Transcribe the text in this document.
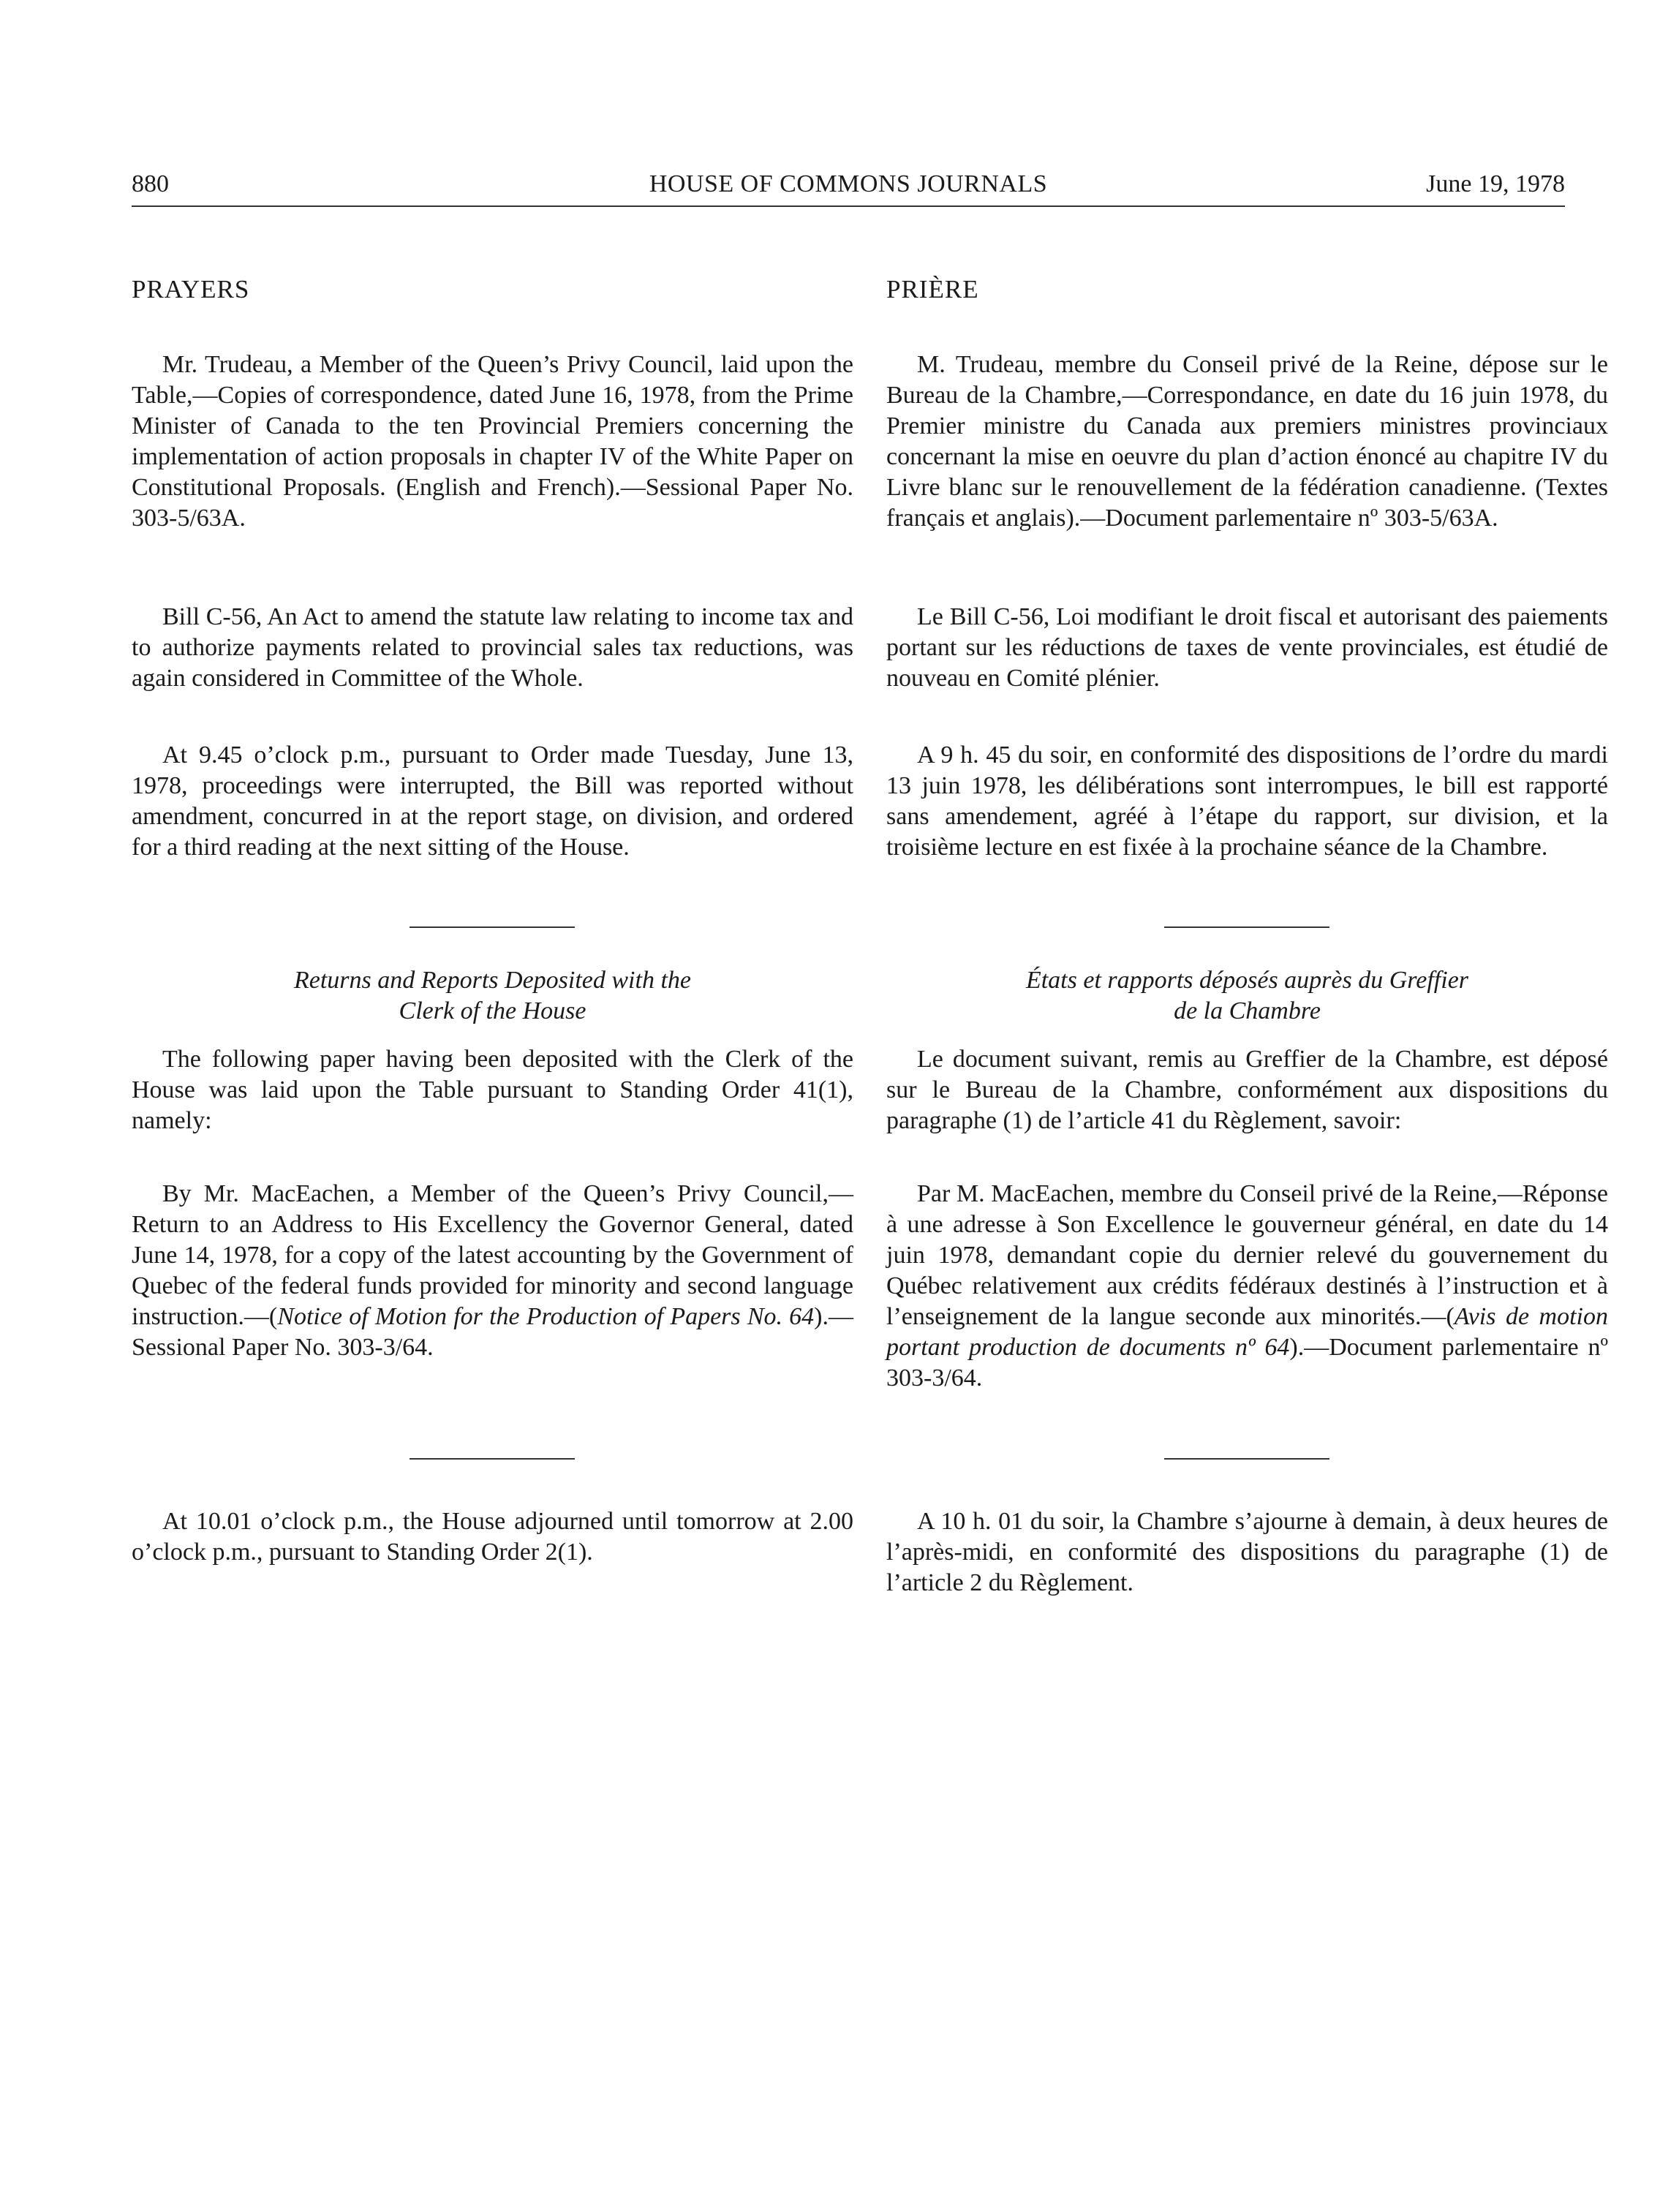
880	HOUSE OF COMMONS JOURNALS	June 19, 1978
PRAYERS

Mr. Trudeau, a Member of the Queen’s Privy Council, laid upon the Table,—Copies of correspondence, dated June 16, 1978, from the Prime Minister of Canada to the ten Provincial Premiers concerning the implementation of action proposals in chapter IV of the White Paper on Constitutional Proposals. (English and French).—Sessional Paper No. 303-5/63A.

Bill C-56, An Act to amend the statute law relating to income tax and to authorize payments related to provincial sales tax reductions, was again considered in Committee of the Whole.

At 9.45 o’clock p.m., pursuant to Order made Tuesday, June 13, 1978, proceedings were interrupted, the Bill was reported without amendment, concurred in at the report stage, on division, and ordered for a third reading at the next sitting of the House.

Returns and Reports Deposited with the
Clerk of the House

The following paper having been deposited with the Clerk of the House was laid upon the Table pursuant to Standing Order 41(1), namely:

By Mr. MacEachen, a Member of the Queen’s Privy Council,—Return to an Address to His Excellency the Governor General, dated June 14, 1978, for a copy of the latest accounting by the Government of Quebec of the federal funds provided for minority and second language instruction.—(Notice of Motion for the Production of Papers No. 64).—Sessional Paper No. 303-3/64.

At 10.01 o’clock p.m., the House adjourned until tomorrow at 2.00 o’clock p.m., pursuant to Standing Order 2(1).

PRIÈRE

M. Trudeau, membre du Conseil privé de la Reine, dépose sur le Bureau de la Chambre,—Correspondance, en date du 16 juin 1978, du Premier ministre du Canada aux premiers ministres provinciaux concernant la mise en oeuvre du plan d’action énoncé au chapitre IV du Livre blanc sur le renouvellement de la fédération canadienne. (Textes français et anglais).—Document parlementaire nº 303-5/63A.

Le Bill C-56, Loi modifiant le droit fiscal et autorisant des paiements portant sur les réductions de taxes de vente provinciales, est étudié de nouveau en Comité plénier.

A 9 h. 45 du soir, en conformité des dispositions de l’ordre du mardi 13 juin 1978, les délibérations sont interrompues, le bill est rapporté sans amendement, agréé à l’étape du rapport, sur division, et la troisième lecture en est fixée à la prochaine séance de la Chambre.

États et rapports déposés auprès du Greffier
de la Chambre

Le document suivant, remis au Greffier de la Chambre, est déposé sur le Bureau de la Chambre, conformément aux dispositions du paragraphe (1) de l’article 41 du Règlement, savoir:

Par M. MacEachen, membre du Conseil privé de la Reine,—Réponse à une adresse à Son Excellence le gouverneur général, en date du 14 juin 1978, demandant copie du dernier relevé du gouvernement du Québec relativement aux crédits fédéraux destinés à l’instruction et à l’enseignement de la langue seconde aux minorités.—(Avis de motion portant production de documents nº 64).—Document parlementaire nº 303-3/64.

A 10 h. 01 du soir, la Chambre s’ajourne à demain, à deux heures de l’après-midi, en conformité des dispositions du paragraphe (1) de l’article 2 du Règlement.
